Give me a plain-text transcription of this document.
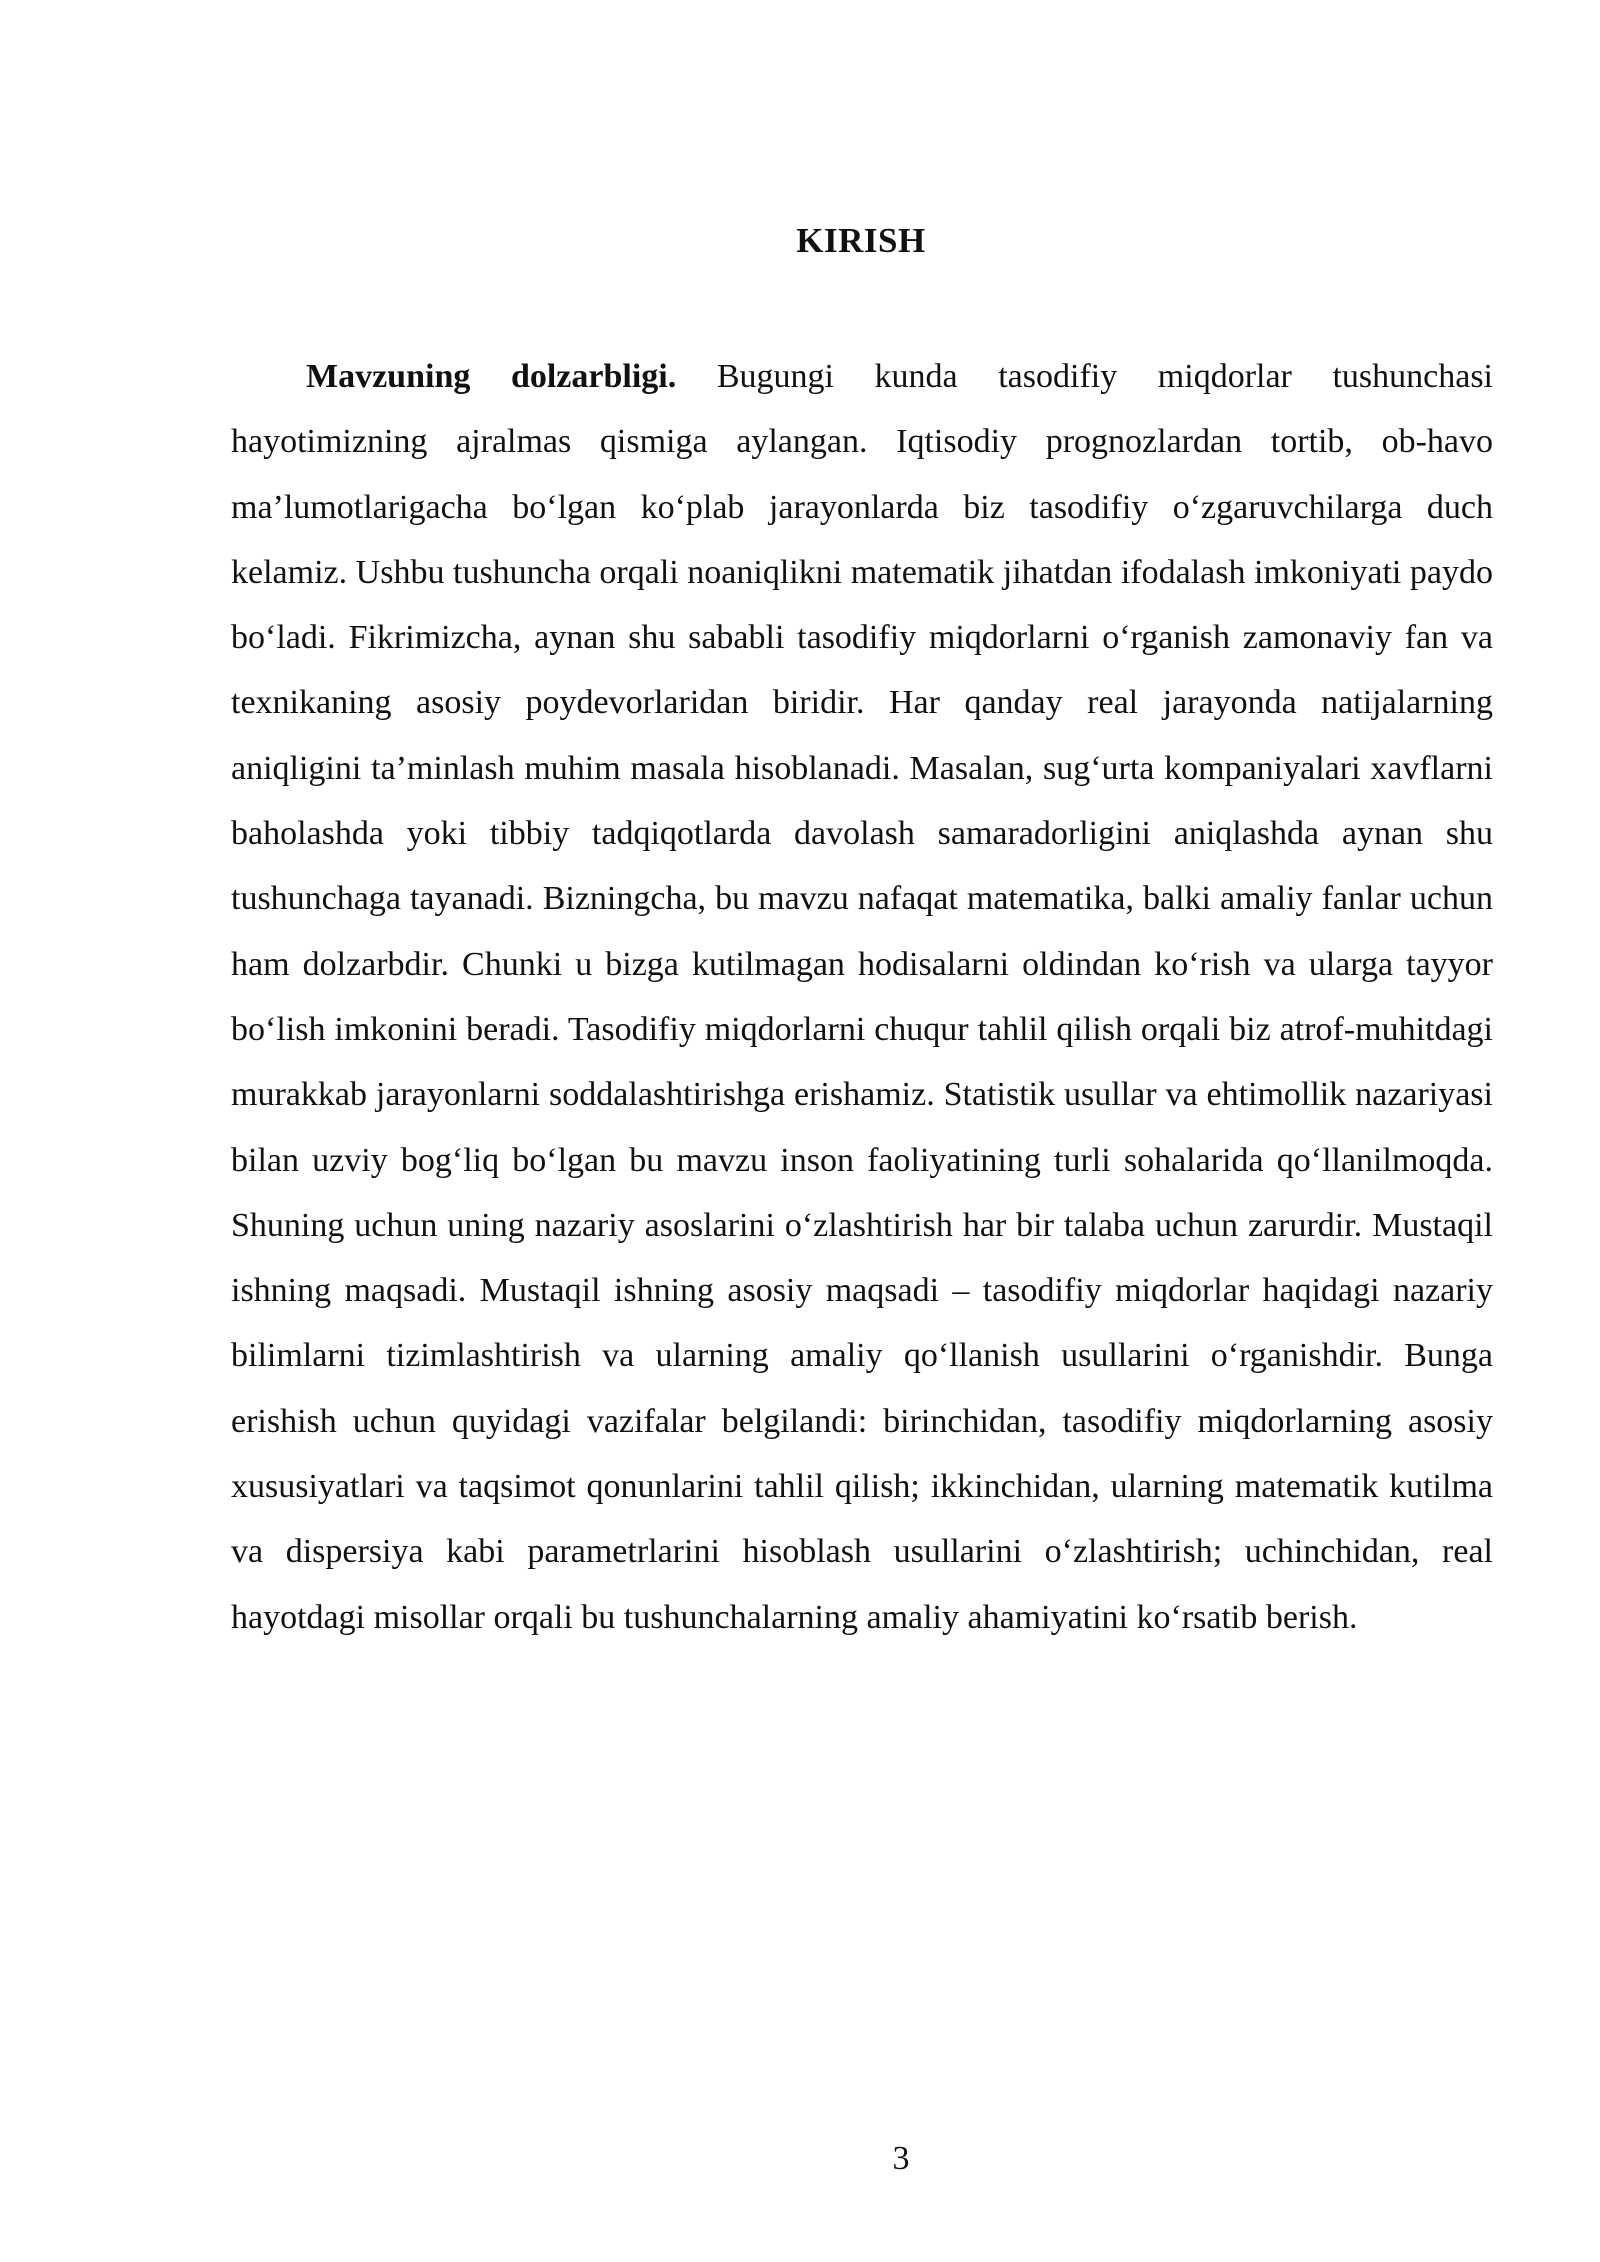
KIRISH

Mavzuning dolzarbligi. Bugungi kunda tasodifiy miqdorlar tushunchasi hayotimizning ajralmas qismiga aylangan. Iqtisodiy prognozlardan tortib, ob-havo ma’lumotlarigacha bo‘lgan ko‘plab jarayonlarda biz tasodifiy o‘zgaruvchilarga duch kelamiz. Ushbu tushuncha orqali noaniqlikni matematik jihatdan ifodalash imkoniyati paydo bo‘ladi. Fikrimizcha, aynan shu sababli tasodifiy miqdorlarni o‘rganish zamonaviy fan va texnikaning asosiy poydevorlaridan biridir. Har qanday real jarayonda natijalarning aniqligini ta’minlash muhim masala hisoblanadi. Masalan, sug‘urta kompaniyalari xavflarni baholashda yoki tibbiy tadqiqotlarda davolash samaradorligini aniqlashda aynan shu tushunchaga tayanadi. Bizningcha, bu mavzu nafaqat matematika, balki amaliy fanlar uchun ham dolzarbdir. Chunki u bizga kutilmagan hodisalarni oldindan ko‘rish va ularga tayyor bo‘lish imkonini beradi. Tasodifiy miqdorlarni chuqur tahlil qilish orqali biz atrof-muhitdagi murakkab jarayonlarni soddalashtirishga erishamiz. Statistik usullar va ehtimollik nazariyasi bilan uzviy bog‘liq bo‘lgan bu mavzu inson faoliyatining turli sohalarida qo‘llanilmoqda. Shuning uchun uning nazariy asoslarini o‘zlashtirish har bir talaba uchun zarurdir. Mustaqil ishning maqsadi. Mustaqil ishning asosiy maqsadi – tasodifiy miqdorlar haqidagi nazariy bilimlarni tizimlashtirish va ularning amaliy qo‘llanish usullarini o‘rganishdir. Bunga erishish uchun quyidagi vazifalar belgilandi: birinchidan, tasodifiy miqdorlarning asosiy xususiyatlari va taqsimot qonunlarini tahlil qilish; ikkinchidan, ularning matematik kutilma va dispersiya kabi parametrlarini hisoblash usullarini o‘zlashtirish; uchinchidan, real hayotdagi misollar orqali bu tushunchalarning amaliy ahamiyatini ko‘rsatib berish.

3
